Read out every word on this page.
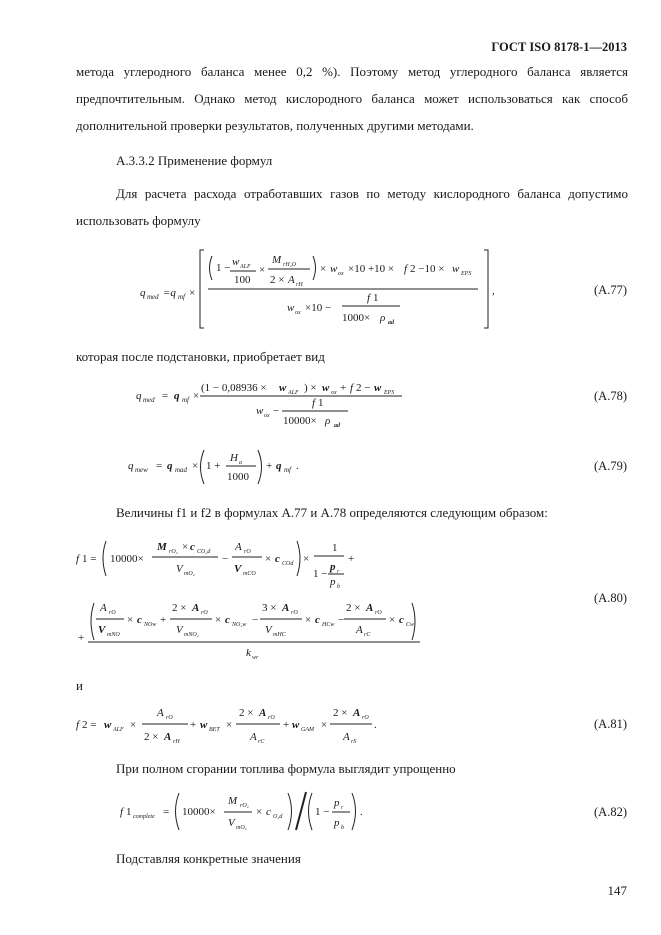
ГОСТ ISO 8178-1—2013
метода углеродного баланса менее 0,2 %). Поэтому метод углеродного баланса является предпочтительным. Однако метод кислородного баланса может использоваться как способ дополнительной проверки результатов, полученных другими методами.
А.3.3.2 Применение формул
Для расчета расхода отработавших газов по методу кислородного баланса допустимо использовать формулу
q med =q mf ×
1 − w ALF
100
×
M rH₂O
2 × A rH
× w ox ×10 +10 × f 2 −10 × w EPS
w ox ×10 −
f 1
1000× ρ ad
,	(А.77)
которая после подстановки, приобретает вид
q med = q mf ×
(1 − 0,08936 × w ALF ) × w ox + f 2 − w EPS
w ox −
f 1
10000× ρ ad
(А.78)
q mew = q mad × 1 +
H a
1000
+ q mf .	(А.79)
Величины f1 и f2 в формулах А.77 и А.78 определяются следующим образом:
f 1 = 10000×
M rO₂ × c CO₂d
V mO₂
−
A rO
V mCO
× c COd ×
1
1 −
p r
p b
+
A rO
V mNO
× c NOw +
2 × A rO
V mNO₂
× c NO₂w −
3 × A rO
V mHC
× c HCw −
2 × A rO
A rC
× c Cw
+
k wr
(А.80)
и
f 2 = w ALF ×
A rO
2 × A rH
+ w BET ×
2 × A rO
A rC
+ w GAM ×
2 × A rO
A rS
.	(А.81)
При полном сгорании топлива формула выглядит упрощенно
f 1 complete = 10000×
M rO₂
V mO₂
× c O₂d	1 −
p r
p b
.	(А.82)
Подставляя конкретные значения
147
